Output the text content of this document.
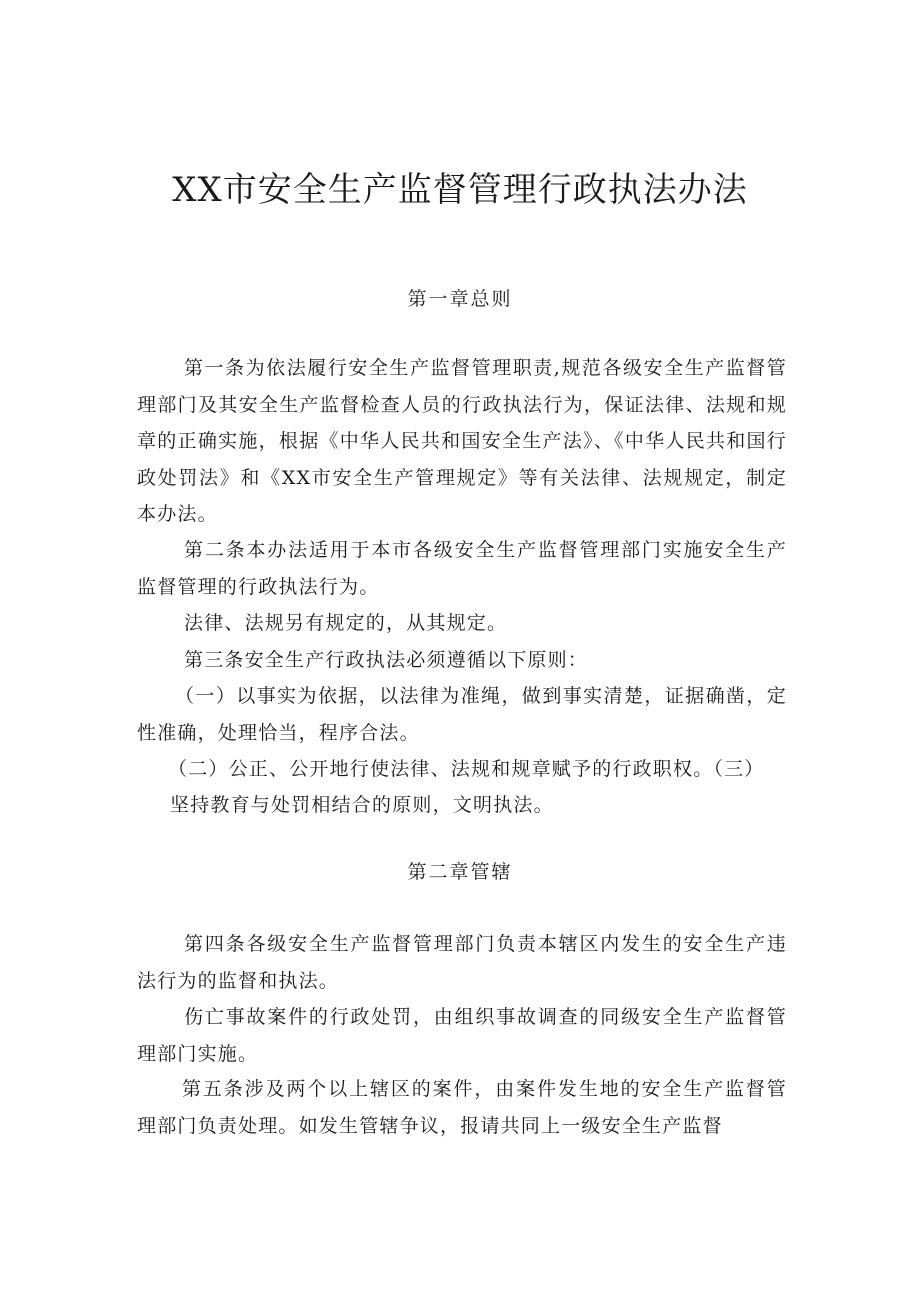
XX市安全生产监督管理行政执法办法
第一章总则

第一条为依法履行安全生产监督管理职责,规范各级安全生产监督管理部门及其安全生产监督检查人员的行政执法行为，保证法律、法规和规章的正确实施，根据《中华人民共和国安全生产法》、《中华人民共和国行政处罚法》和《XX市安全生产管理规定》等有关法律、法规规定，制定本办法。

第二条本办法适用于本市各级安全生产监督管理部门实施安全生产监督管理的行政执法行为。

法律、法规另有规定的，从其规定。

第三条安全生产行政执法必须遵循以下原则：

（一）以事实为依据，以法律为准绳，做到事实清楚，证据确凿，定性准确，处理恰当，程序合法。

（二）公正、公开地行使法律、法规和规章赋予的行政职权。（三）

坚持教育与处罚相结合的原则，文明执法。

第二章管辖

第四条各级安全生产监督管理部门负责本辖区内发生的安全生产违法行为的监督和执法。

伤亡事故案件的行政处罚，由组织事故调查的同级安全生产监督管理部门实施。

第五条涉及两个以上辖区的案件，由案件发生地的安全生产监督管理部门负责处理。如发生管辖争议，报请共同上一级安全生产监督
